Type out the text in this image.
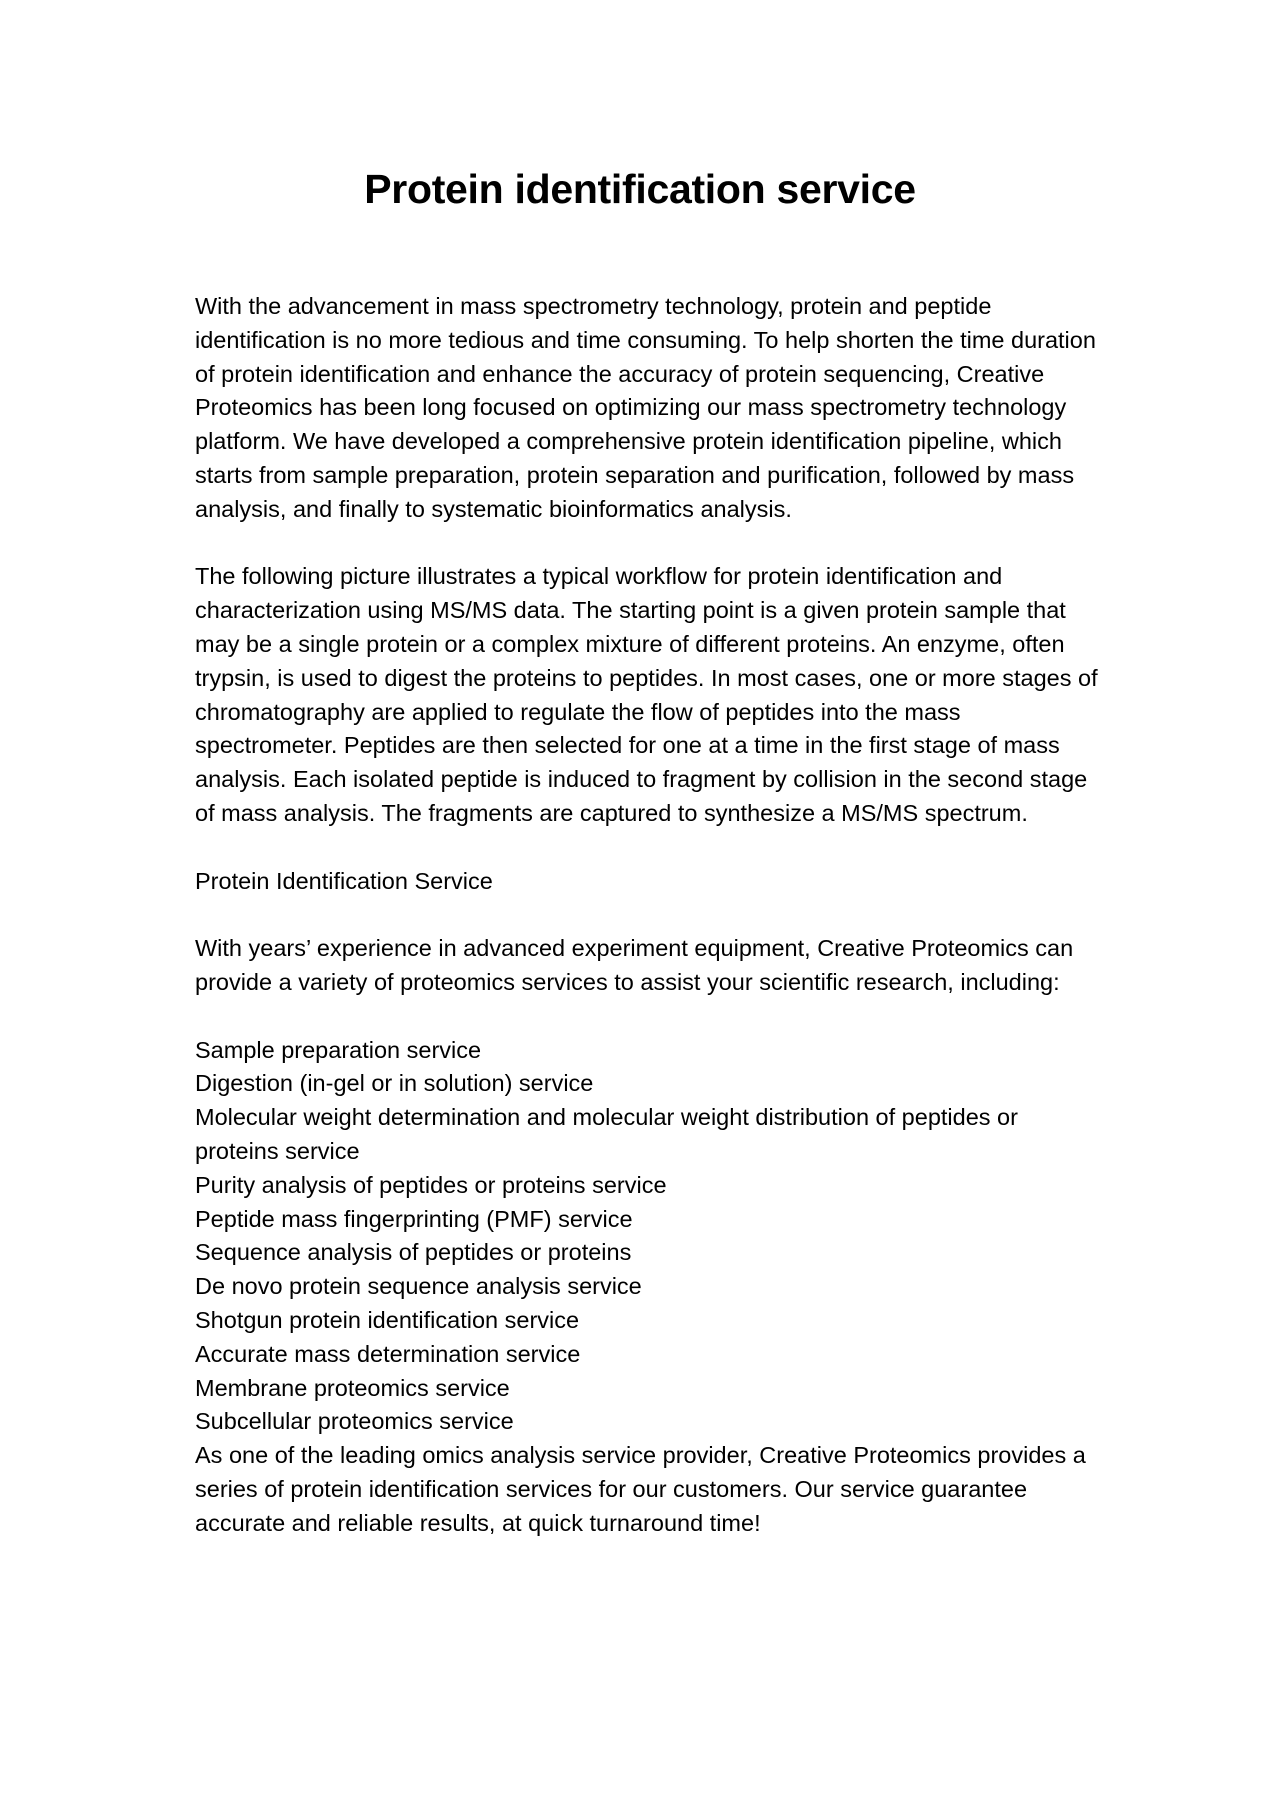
Protein identification service

With the advancement in mass spectrometry technology, protein and peptide identification is no more tedious and time consuming. To help shorten the time duration of protein identification and enhance the accuracy of protein sequencing, Creative Proteomics has been long focused on optimizing our mass spectrometry technology platform. We have developed a comprehensive protein identification pipeline, which starts from sample preparation, protein separation and purification, followed by mass analysis, and finally to systematic bioinformatics analysis.

The following picture illustrates a typical workflow for protein identification and characterization using MS/MS data. The starting point is a given protein sample that may be a single protein or a complex mixture of different proteins. An enzyme, often trypsin, is used to digest the proteins to peptides. In most cases, one or more stages of chromatography are applied to regulate the flow of peptides into the mass spectrometer. Peptides are then selected for one at a time in the first stage of mass analysis. Each isolated peptide is induced to fragment by collision in the second stage of mass analysis. The fragments are captured to synthesize a MS/MS spectrum.

Protein Identification Service

With years’ experience in advanced experiment equipment, Creative Proteomics can provide a variety of proteomics services to assist your scientific research, including:

Sample preparation service
Digestion (in-gel or in solution) service
Molecular weight determination and molecular weight distribution of peptides or proteins service
Purity analysis of peptides or proteins service
Peptide mass fingerprinting (PMF) service
Sequence analysis of peptides or proteins
De novo protein sequence analysis service
Shotgun protein identification service
Accurate mass determination service
Membrane proteomics service
Subcellular proteomics service

As one of the leading omics analysis service provider, Creative Proteomics provides a series of protein identification services for our customers. Our service guarantee accurate and reliable results, at quick turnaround time!
